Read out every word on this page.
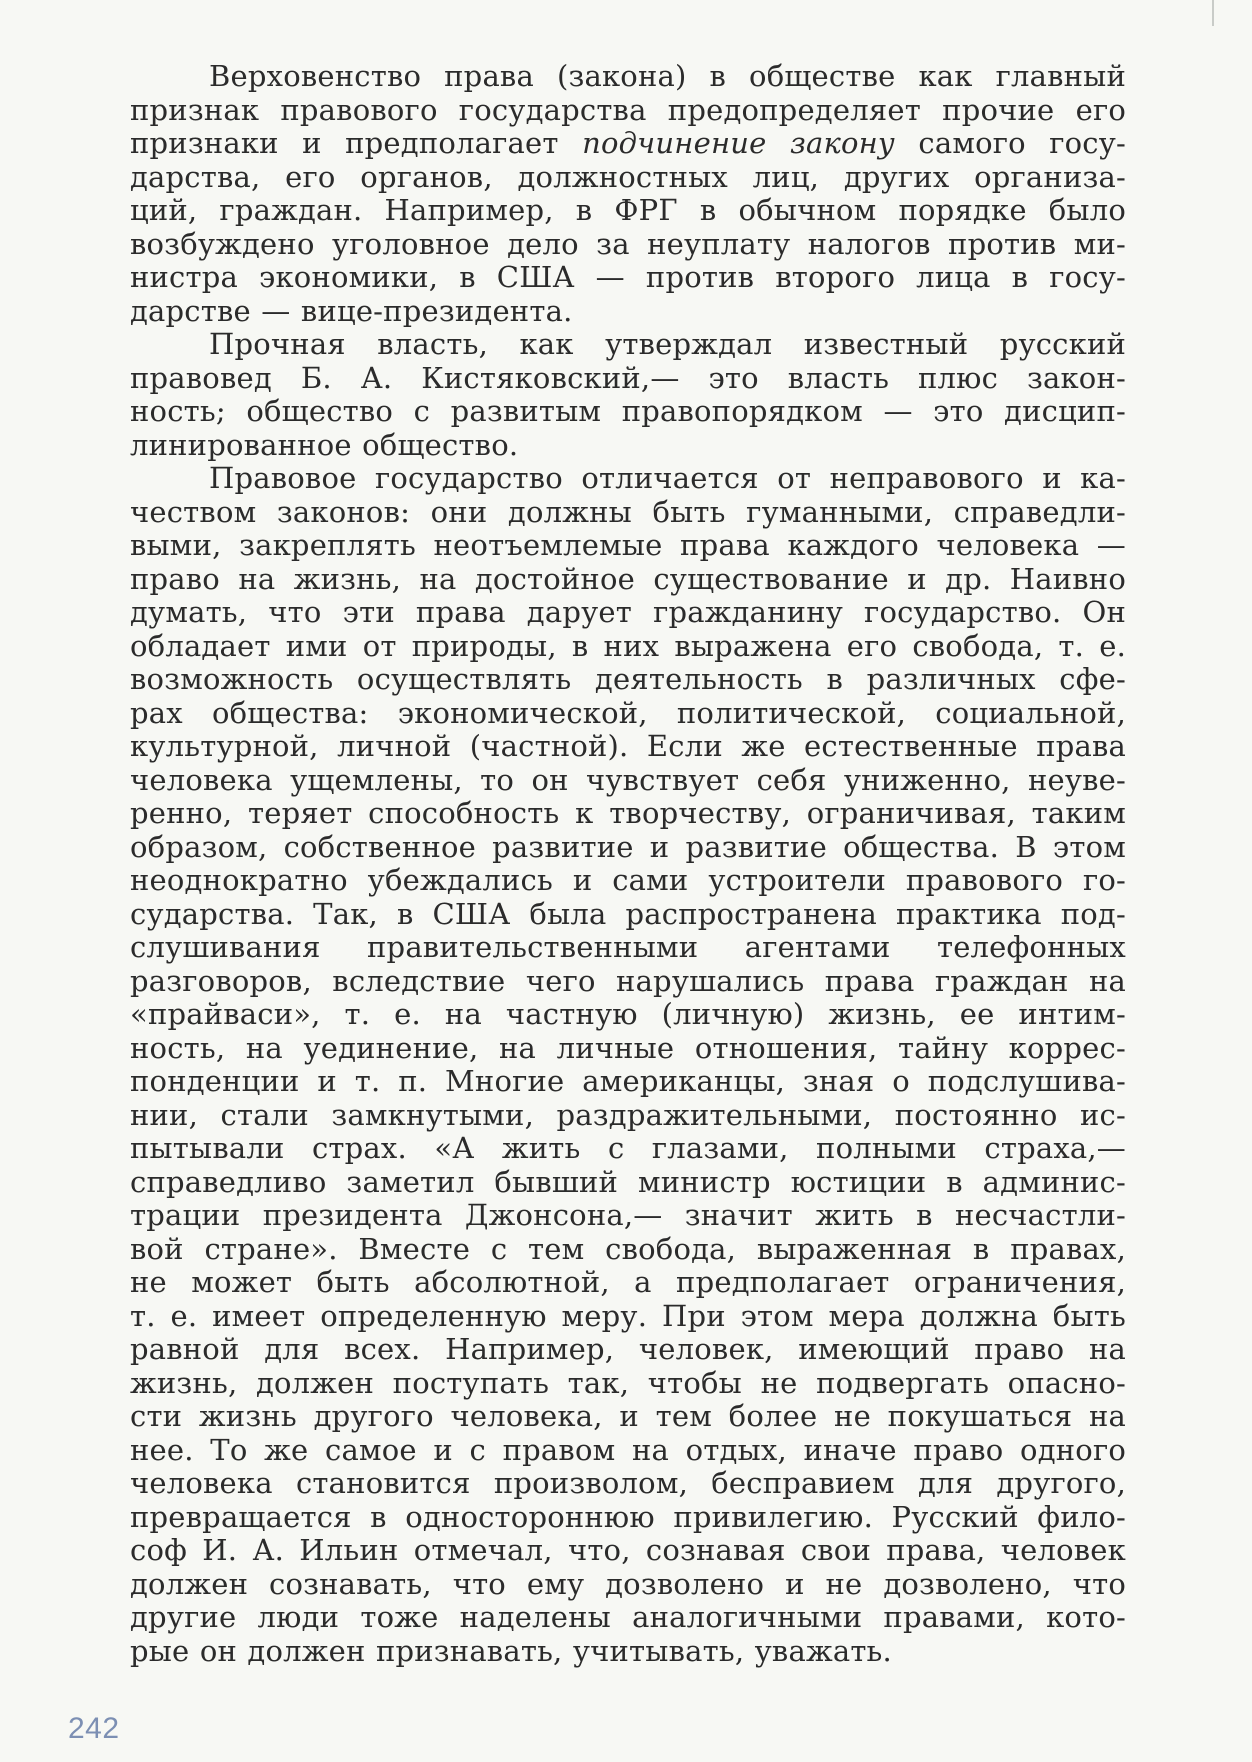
Верховенство права (закона) в обществе как главный
признак правового государства предопределяет прочие его
признаки и предполагает подчинение закону самого госу-
дарства, его органов, должностных лиц, других организа-
ций, граждан. Например, в ФРГ в обычном порядке было
возбуждено уголовное дело за неуплату налогов против ми-
нистра экономики, в США — против второго лица в госу-
дарстве — вице-президента.

Прочная власть, как утверждал известный русский
правовед Б. А. Кистяковский,— это власть плюс закон-
ность; общество с развитым правопорядком — это дисцип-
линированное общество.

Правовое государство отличается от неправового и ка-
чеством законов: они должны быть гуманными, справедли-
выми, закреплять неотъемлемые права каждого человека —
право на жизнь, на достойное существование и др. Наивно
думать, что эти права дарует гражданину государство. Он
обладает ими от природы, в них выражена его свобода, т. е.
возможность осуществлять деятельность в различных сфе-
рах общества: экономической, политической, социальной,
культурной, личной (частной). Если же естественные права
человека ущемлены, то он чувствует себя униженно, неуве-
ренно, теряет способность к творчеству, ограничивая, таким
образом, собственное развитие и развитие общества. В этом
неоднократно убеждались и сами устроители правового го-
сударства. Так, в США была распространена практика под-
слушивания правительственными агентами телефонных
разговоров, вследствие чего нарушались права граждан на
«прайваси», т. е. на частную (личную) жизнь, ее интим-
ность, на уединение, на личные отношения, тайну коррес-
понденции и т. п. Многие американцы, зная о подслушива-
нии, стали замкнутыми, раздражительными, постоянно ис-
пытывали страх. «А жить с глазами, полными страха,—
справедливо заметил бывший министр юстиции в админис-
трации президента Джонсона,— значит жить в несчастли-
вой стране». Вместе с тем свобода, выраженная в правах,
не может быть абсолютной, а предполагает ограничения,
т. е. имеет определенную меру. При этом мера должна быть
равной для всех. Например, человек, имеющий право на
жизнь, должен поступать так, чтобы не подвергать опасно-
сти жизнь другого человека, и тем более не покушаться на
нее. То же самое и с правом на отдых, иначе право одного
человека становится произволом, бесправием для другого,
превращается в одностороннюю привилегию. Русский фило-
соф И. А. Ильин отмечал, что, сознавая свои права, человек
должен сознавать, что ему дозволено и не дозволено, что
другие люди тоже наделены аналогичными правами, кото-
рые он должен признавать, учитывать, уважать.

242
